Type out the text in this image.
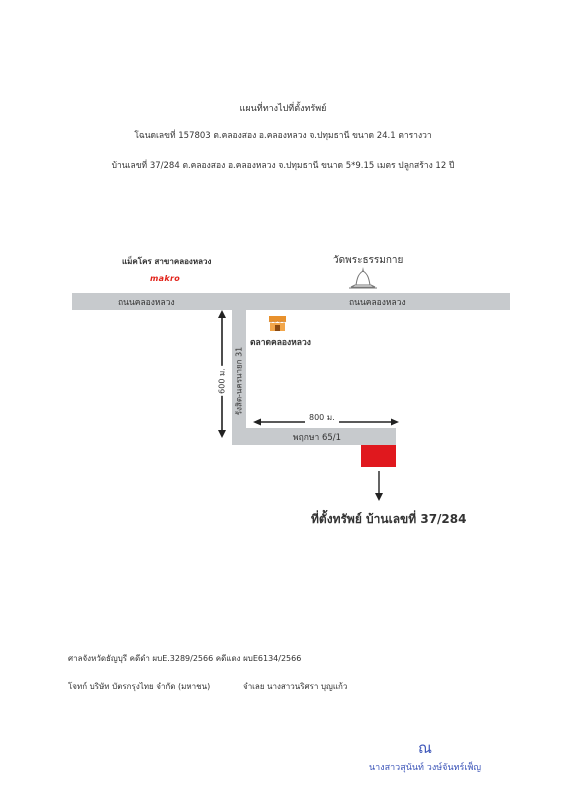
แผนที่ทางไปที่ตั้งทรัพย์
โฉนดเลขที่ 157803 ต.คลองสอง อ.คลองหลวง จ.ปทุมธานี ขนาด 24.1 ตารางวา
บ้านเลขที่ 37/284 ต.คลองสอง อ.คลองหลวง จ.ปทุมธานี ขนาด 5*9.15 เมตร ปลูกสร้าง 12 ปี
แม็คโคร สาขาคลองหลวง
makro
วัดพระธรรมกาย
ถนนคลองหลวง	ถนนคลองหลวง
รังสิต-นครนายก 31
พฤกษา 65/1
ตลาดคลองหลวง
600 ม.
800 ม.
ที่ตั้งทรัพย์ บ้านเลขที่ 37/284
ศาลจังหวัดธัญบุรี คดีดำ ผบE.3289/2566 คดีแดง ผบE6134/2566
โจทก์ บริษัท บัตรกรุงไทย จำกัด (มหาชน)	จำเลย นางสาวนริศรา บุญแก้ว
ณ
นางสาวสุนันท์ วงษ์จันทร์เพ็ญ
